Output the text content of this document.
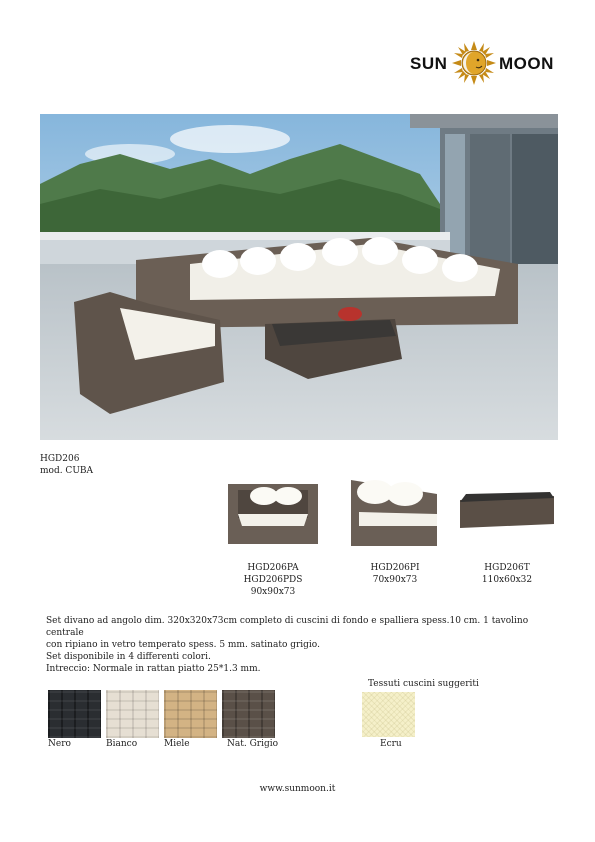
SUN	MOON
HGD206
mod. CUBA
HGD206PA
HGD206PDS
90x90x73
HGD206PI
70x90x73
HGD206T
110x60x32
Set divano ad angolo dim. 320x320x73cm completo di cuscini di fondo e spalliera spess.10 cm. 1 tavolino centrale
con ripiano in vetro temperato spess. 5 mm. satinato grigio.
Set disponibile in 4 differenti colori.
Intreccio: Normale in rattan piatto 25*1.3 mm.
Nero	Bianco	Miele	Nat. Grigio
Tessuti cuscini suggeriti
Ecru
www.sunmoon.it
